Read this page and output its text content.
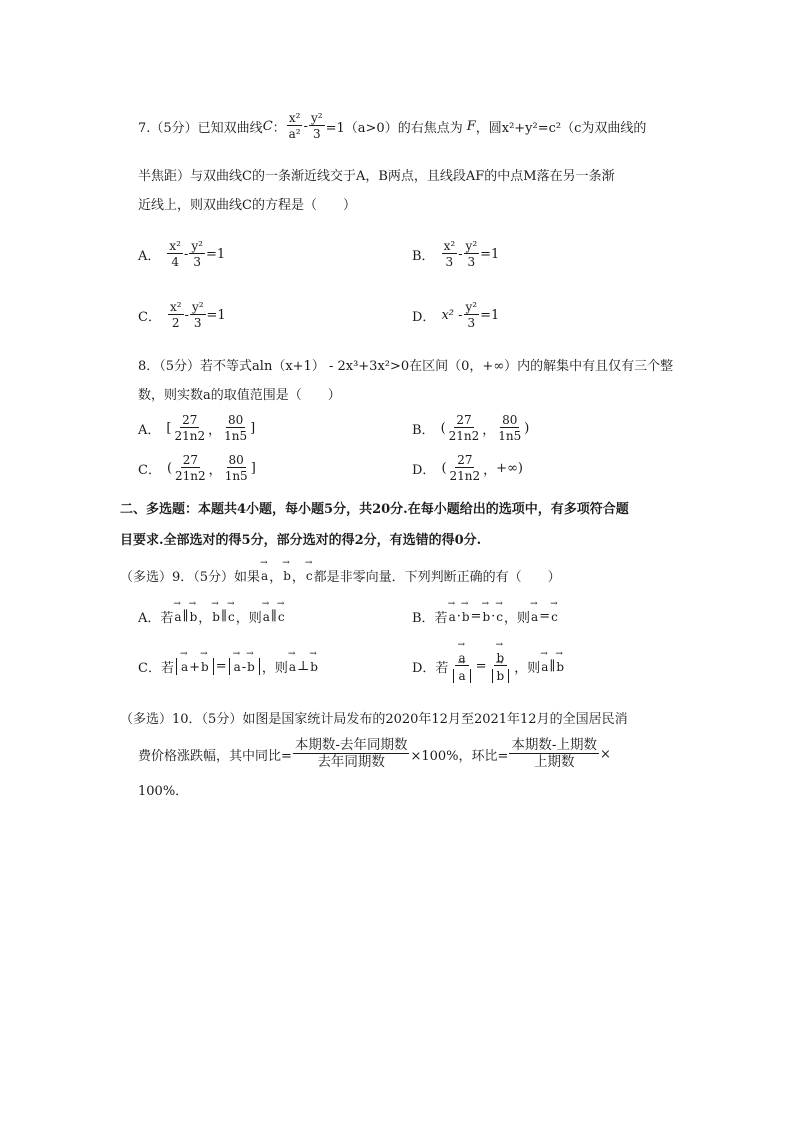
7.（5分）已知双曲线 C ： $\frac{\text{x²}}{\text{a²}} - \frac{\text{y²}}{3} =1(a>0)$的右焦点为 F ，圆x²+y²=c²（c为双曲线的
半焦距）与双曲线C的一条渐近线交于A，B两点，且线段AF的中点M落在另一条渐
近线上，则双曲线C的方程是（　　）
A． $\frac{\text{x²}}{4} - \frac{\text{y²}}{3} =1$	B． $\frac{\text{x²}}{3} - \frac{\text{y²}}{3} =1$
C． $\frac{\text{x²}}{2} - \frac{\text{y²}}{3} =1$	D． $x^2 - \frac{\text{y²}}{3} =1$
8．（5分）若不等式aln（x+1） - 2x³+3x²>0在区间（0，+∞）内的解集中有且仅有三个整
数，则实数a的取值范围是（　　）
A． [ $\frac{27}{21n2}$ ， $\frac{80}{1n5}$ ]	B． ( $\frac{27}{21n2}$ ， $\frac{80}{1n5}$ )
C． ( $\frac{27}{21n2}$ ， $\frac{80}{1n5}$ ]	D． ( $\frac{27}{21n2}$ ， +∞)
二、多选题：本题共4小题，每小题5分，共20分.在每小题给出的选项中，有多项符合题
目要求.全部选对的得5分，部分选对的得2分，有选错的得0分.
（多选）9．（5分）如果 → a ， → b ， → c 都是非零向量．下列判断正确的有（　　）
A．若 → a ∥ → b ， → b ∥ → c ，则 → a ∥ → c	B．若 → a · → b = → b · → c ，则 → a = → c
C．若 → a+→ b = → a-→ b ，则 → a ⊥ → b	D．若 → a
→ a = → b
→ b ，则 → a ∥ → b
（多选）10．（5分）如图是国家统计局发布的2020年12月至2021年12月的全国居民消
费价格涨跌幅，其中同比= $\frac{\text{本期数-去年同期数}}{\text{去年同期数}} \times 100\%$，环比= $\frac{\text{本期数-上期数}}{\text{上期数}}$ ×
100%．
